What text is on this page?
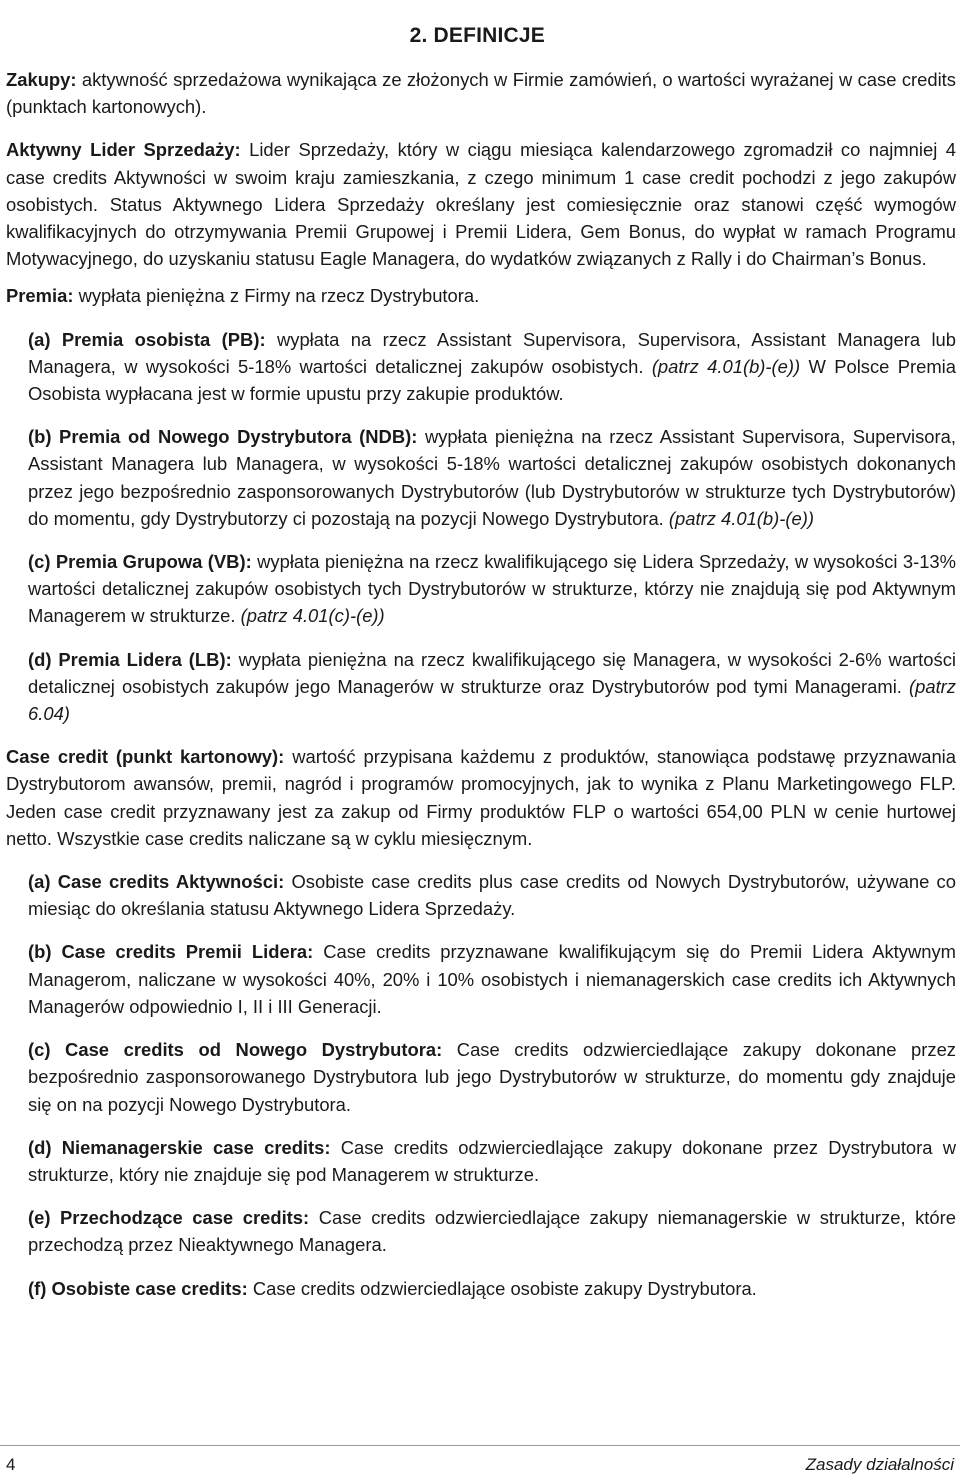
2. DEFINICJE

Zakupy: aktywność sprzedażowa wynikająca ze złożonych w Firmie zamówień, o wartości wyrażanej w case credits (punktach kartonowych).

Aktywny Lider Sprzedaży: Lider Sprzedaży, który w ciągu miesiąca kalendarzowego zgromadził co najmniej 4 case credits Aktywności w swoim kraju zamieszkania, z czego minimum 1 case credit pochodzi z jego zakupów osobistych. Status Aktywnego Lidera Sprzedaży określany jest comiesięcznie oraz stanowi część wymogów kwalifikacyjnych do otrzymywania Premii Grupowej i Premii Lidera, Gem Bonus, do wypłat w ramach Programu Motywacyjnego, do uzyskaniu statusu Eagle Managera, do wydatków związanych z Rally i do Chairman’s Bonus.

Premia: wypłata pieniężna z Firmy na rzecz Dystrybutora.

(a) Premia osobista (PB): wypłata na rzecz Assistant Supervisora, Supervisora, Assistant Managera lub Managera, w wysokości 5-18% wartości detalicznej zakupów osobistych. (patrz 4.01(b)-(e)) W Polsce Premia Osobista wypłacana jest w formie upustu przy zakupie produktów.

(b) Premia od Nowego Dystrybutora (NDB): wypłata pieniężna na rzecz Assistant Supervisora, Supervisora, Assistant Managera lub Managera, w wysokości 5-18% wartości detalicznej zakupów osobistych dokonanych przez jego bezpośrednio zasponsorowanych Dystrybutorów (lub Dystrybutorów w strukturze tych Dystrybutorów) do momentu, gdy Dystrybutorzy ci pozostają na pozycji Nowego Dystrybutora. (patrz 4.01(b)-(e))

(c) Premia Grupowa (VB): wypłata pieniężna na rzecz kwalifikującego się Lidera Sprzedaży, w wysokości 3-13% wartości detalicznej zakupów osobistych tych Dystrybutorów w strukturze, którzy nie znajdują się pod Aktywnym Managerem w strukturze. (patrz 4.01(c)-(e))

(d) Premia Lidera (LB): wypłata pieniężna na rzecz kwalifikującego się Managera, w wysokości 2-6% wartości detalicznej osobistych zakupów jego Managerów w strukturze oraz Dystrybutorów pod tymi Managerami. (patrz 6.04)

Case credit (punkt kartonowy): wartość przypisana każdemu z produktów, stanowiąca podstawę przyznawania Dystrybutorom awansów, premii, nagród i programów promocyjnych, jak to wynika z Planu Marketingowego FLP. Jeden case credit przyznawany jest za zakup od Firmy produktów FLP o wartości 654,00 PLN w cenie hurtowej netto. Wszystkie case credits naliczane są w cyklu miesięcznym.

(a) Case credits Aktywności: Osobiste case credits plus case credits od Nowych Dystrybutorów, używane co miesiąc do określania statusu Aktywnego Lidera Sprzedaży.

(b) Case credits Premii Lidera: Case credits przyznawane kwalifikującym się do Premii Lidera Aktywnym Managerom, naliczane w wysokości 40%, 20% i 10% osobistych i niemanagerskich case credits ich Aktywnych Managerów odpowiednio I, II i III Generacji.

(c) Case credits od Nowego Dystrybutora: Case credits odzwierciedlające zakupy dokonane przez bezpośrednio zasponsorowanego Dystrybutora lub jego Dystrybutorów w strukturze, do momentu gdy znajduje się on na pozycji Nowego Dystrybutora.

(d) Niemanagerskie case credits: Case credits odzwierciedlające zakupy dokonane przez Dystrybutora w strukturze, który nie znajduje się pod Managerem w strukturze.

(e) Przechodzące case credits: Case credits odzwierciedlające zakupy niemanagerskie w strukturze, które przechodzą przez Nieaktywnego Managera.

(f) Osobiste case credits: Case credits odzwierciedlające osobiste zakupy Dystrybutora.

4	Zasady działalności
